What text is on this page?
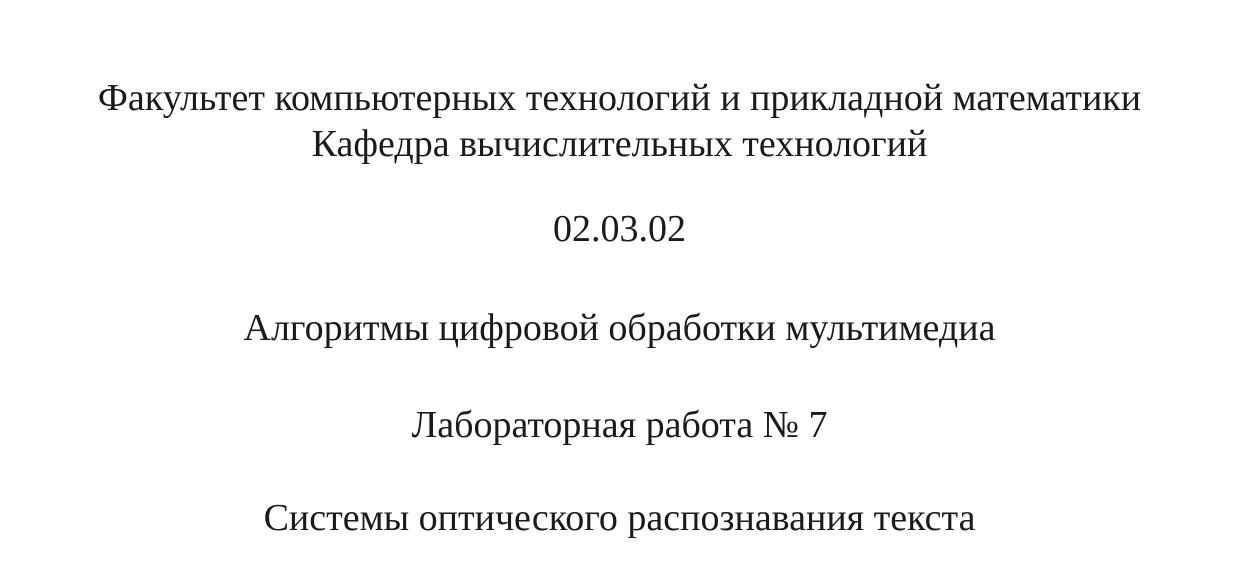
Факультет компьютерных технологий и прикладной математики
Кафедра вычислительных технологий
02.03.02
Алгоритмы цифровой обработки мультимедиа
Лабораторная работа № 7
Системы оптического распознавания текста
